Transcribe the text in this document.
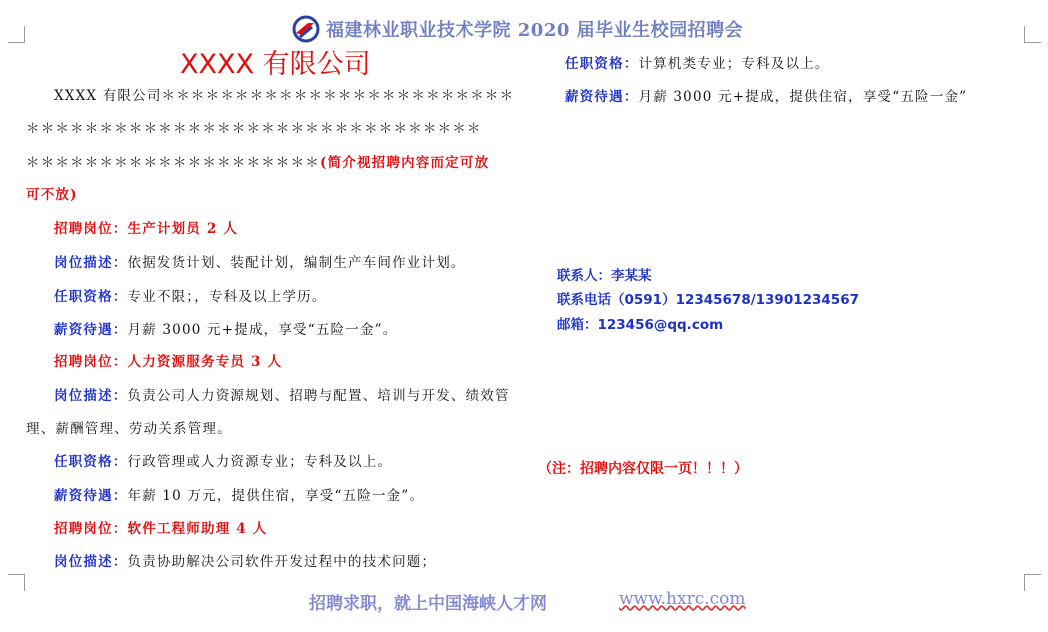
福建林业职业技术学院 2020 届毕业生校园招聘会
XXXX 有限公司
XXXX 有限公司＊＊＊＊＊＊＊＊＊＊＊＊＊＊＊＊＊＊＊＊＊＊＊＊
＊＊＊＊＊＊＊＊＊＊＊＊＊＊＊＊＊＊＊＊＊＊＊＊＊＊＊＊＊＊＊
＊＊＊＊＊＊＊＊＊＊＊＊＊＊＊＊＊＊＊＊(简介视招聘内容而定可放
可不放)
招聘岗位：生产计划员 2 人
岗位描述：依据发货计划、装配计划，编制生产车间作业计划。
任职资格：专业不限；，专科及以上学历。
薪资待遇：月薪 3000 元+提成，享受“五险一金”。
招聘岗位：人力资源服务专员 3 人
岗位描述：负责公司人力资源规划、招聘与配置、培训与开发、绩效管
理、薪酬管理、劳动关系管理。
任职资格：行政管理或人力资源专业；专科及以上。
薪资待遇：年薪 10 万元，提供住宿，享受“五险一金”。
招聘岗位：软件工程师助理 4 人
岗位描述：负责协助解决公司软件开发过程中的技术问题；
任职资格：计算机类专业；专科及以上。
薪资待遇：月薪 3000 元+提成，提供住宿，享受“五险一金”
联系人：李某某
联系电话（0591）12345678/13901234567
邮箱：123456@qq.com
（注：招聘内容仅限一页！！！）
招聘求职，就上中国海峡人才网	www.hxrc.com
